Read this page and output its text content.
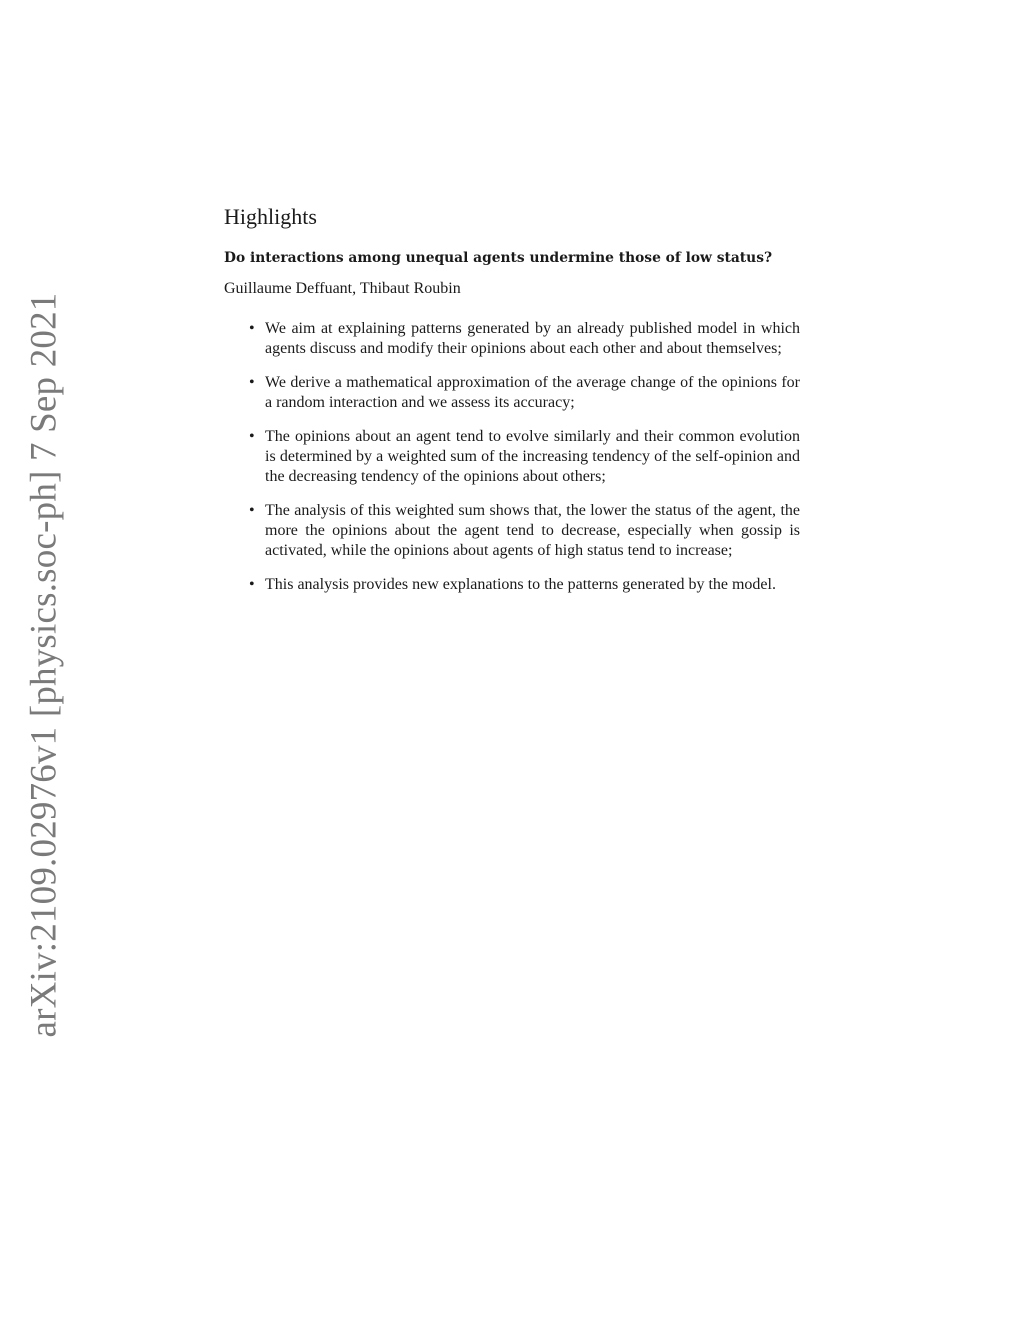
arXiv:2109.02976v1 [physics.soc-ph] 7 Sep 2021
Highlights
Do interactions among unequal agents undermine those of low status?
Guillaume Deffuant, Thibaut Roubin
• We aim at explaining patterns generated by an already published model in which agents discuss and modify their opinions about each other and about themselves;
• We derive a mathematical approximation of the average change of the opinions for a random interaction and we assess its accuracy;
• The opinions about an agent tend to evolve similarly and their common evolution is determined by a weighted sum of the increasing tendency of the self-opinion and the decreasing tendency of the opinions about others;
• The analysis of this weighted sum shows that, the lower the status of the agent, the more the opinions about the agent tend to decrease, especially when gossip is activated, while the opinions about agents of high status tend to increase;
• This analysis provides new explanations to the patterns generated by the model.
